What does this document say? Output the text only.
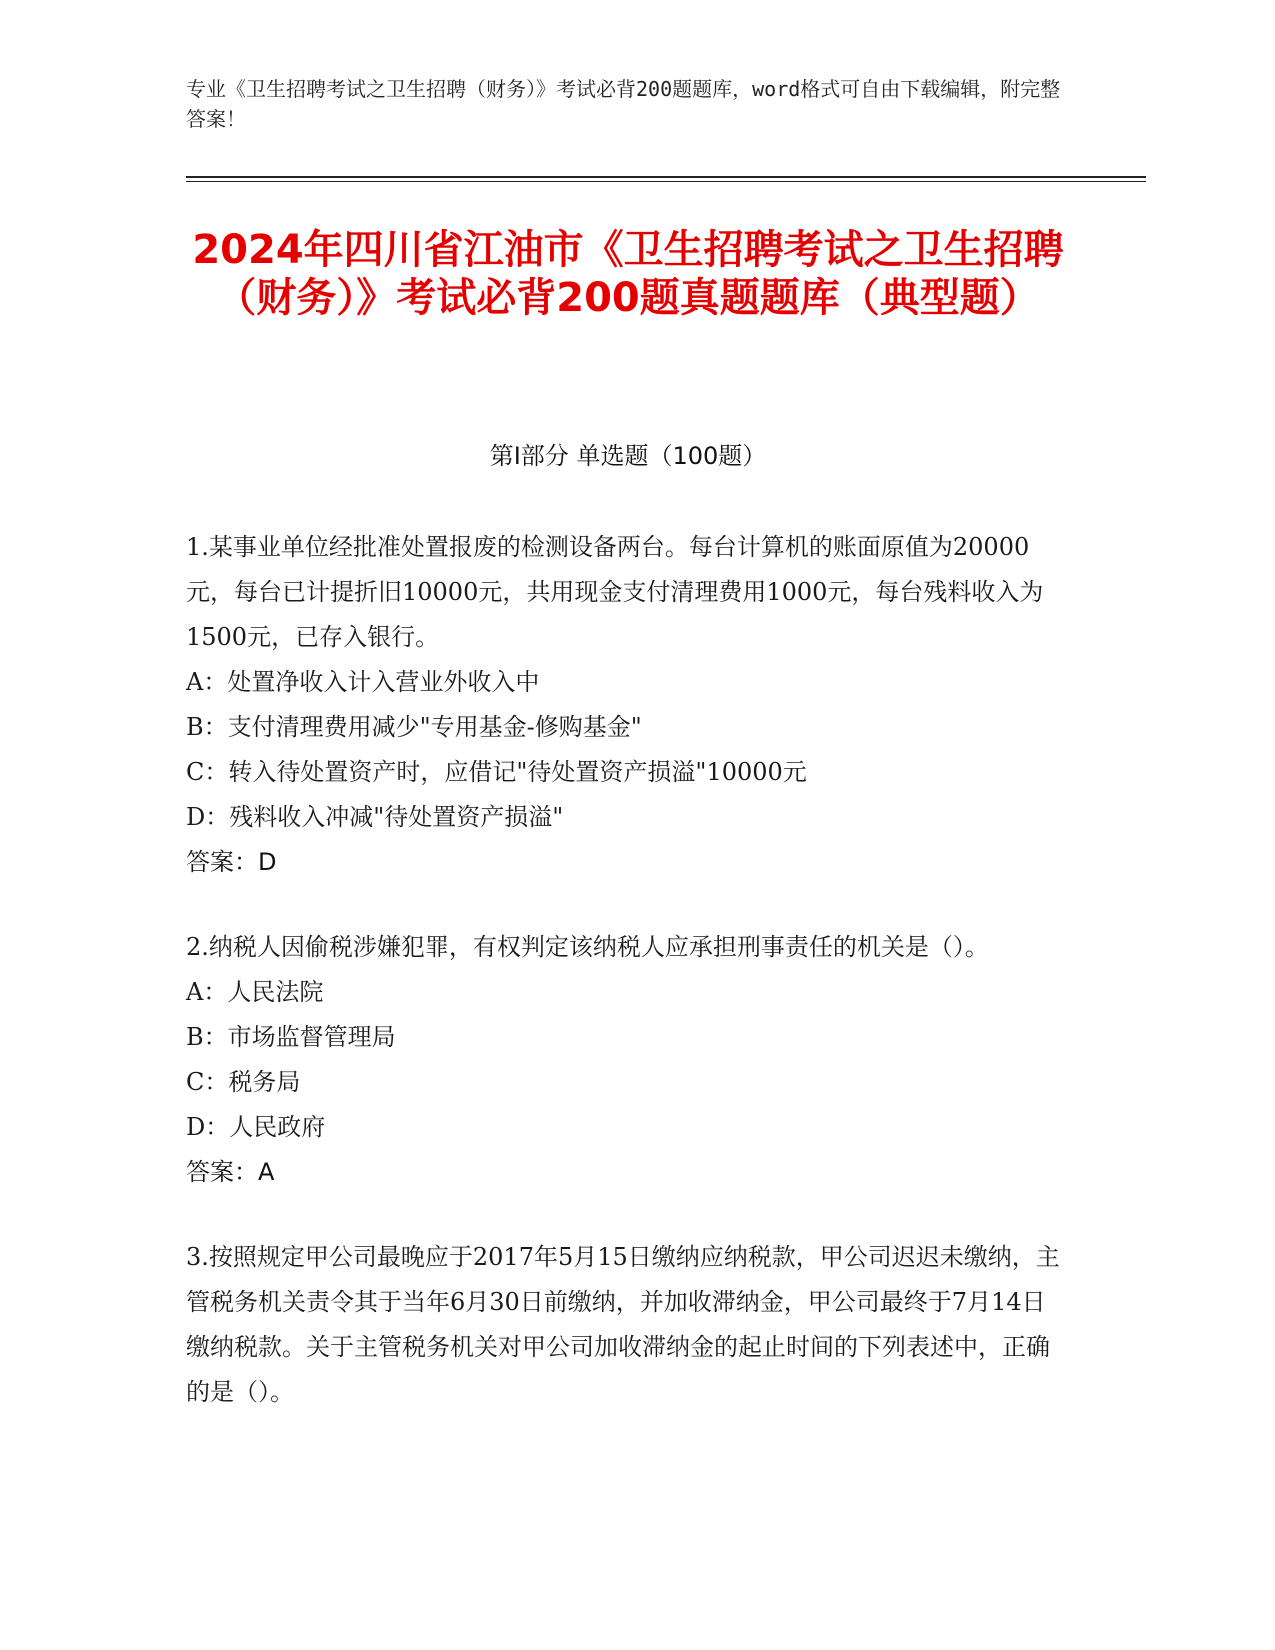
专业《卫生招聘考试之卫生招聘（财务）》考试必背200题题库，word格式可自由下载编辑，附完整答案！
2024年四川省江油市《卫生招聘考试之卫生招聘（财务）》考试必背200题真题题库（典型题）
第Ⅰ部分 单选题（100题）

1.某事业单位经批准处置报废的检测设备两台。每台计算机的账面原值为20000元，每台已计提折旧10000元，共用现金支付清理费用1000元，每台残料收入为1500元，已存入银行。

A：处置净收入计入营业外收入中

B：支付清理费用减少"专用基金-修购基金"

C：转入待处置资产时，应借记"待处置资产损溢"10000元

D：残料收入冲减"待处置资产损溢"

答案：D

2.纳税人因偷税涉嫌犯罪，有权判定该纳税人应承担刑事责任的机关是（）。

A：人民法院

B：市场监督管理局

C：税务局

D：人民政府

答案：A

3.按照规定甲公司最晚应于2017年5月15日缴纳应纳税款，甲公司迟迟未缴纳，主管税务机关责令其于当年6月30日前缴纳，并加收滞纳金，甲公司最终于7月14日缴纳税款。关于主管税务机关对甲公司加收滞纳金的起止时间的下列表述中，正确的是（）。
